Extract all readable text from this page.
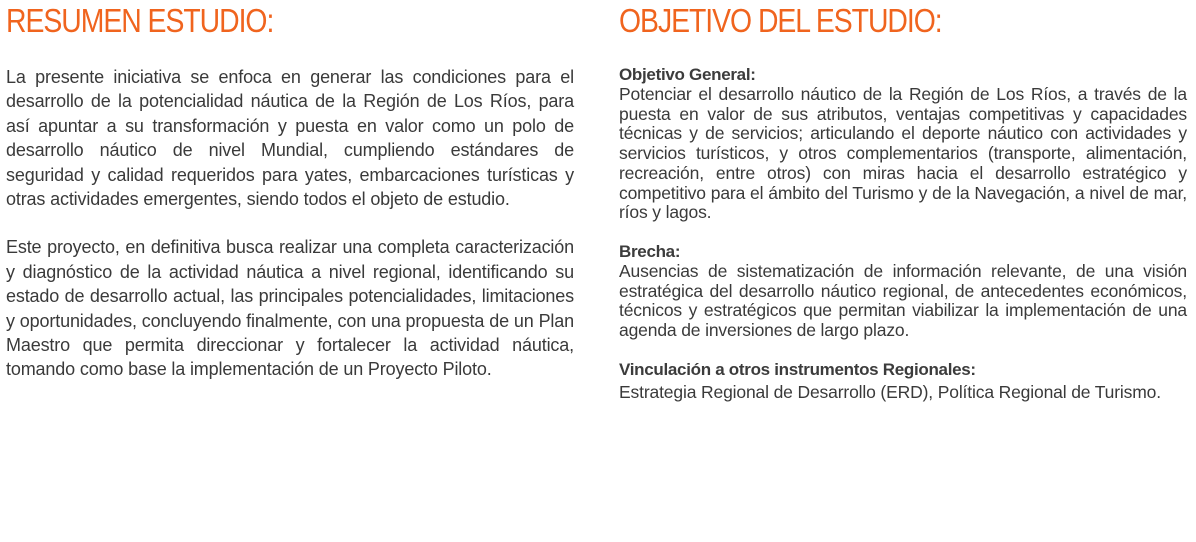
RESUMEN ESTUDIO:

La presente iniciativa se enfoca en generar las condiciones para el desarrollo de la potencialidad náutica de la Región de Los Ríos, para así apuntar a su transformación y puesta en valor como un polo de desarrollo náutico de nivel Mundial, cumpliendo estándares de seguridad y calidad requeridos para yates, embarcaciones turísticas y otras actividades emergentes, siendo todos el objeto de estudio.

Este proyecto, en definitiva busca realizar una completa caracterización y diagnóstico de la actividad náutica a nivel regional, identificando su estado de desarrollo actual, las principales potencialidades, limitaciones y oportunidades, concluyendo finalmente, con una propuesta de un Plan Maestro que permita direccionar y fortalecer la actividad náutica, tomando como base la implementación de un Proyecto Piloto.

OBJETIVO DEL ESTUDIO:

Objetivo General:

Potenciar el desarrollo náutico de la Región de Los Ríos, a través de la puesta en valor de sus atributos, ventajas competitivas y capacidades técnicas y de servicios; articulando el deporte náutico con actividades y servicios turísticos, y otros complementarios (transporte, alimentación, recreación, entre otros) con miras hacia el desarrollo estratégico y competitivo para el ámbito del Turismo y de la Navegación, a nivel de mar, ríos y lagos.

Brecha:

Ausencias de sistematización de información relevante, de una visión estratégica del desarrollo náutico regional, de antecedentes económicos, técnicos y estratégicos que permitan viabilizar la implementación de una agenda de inversiones de largo plazo.

Vinculación a otros instrumentos Regionales:

Estrategia Regional de Desarrollo (ERD), Política Regional de Turismo.
